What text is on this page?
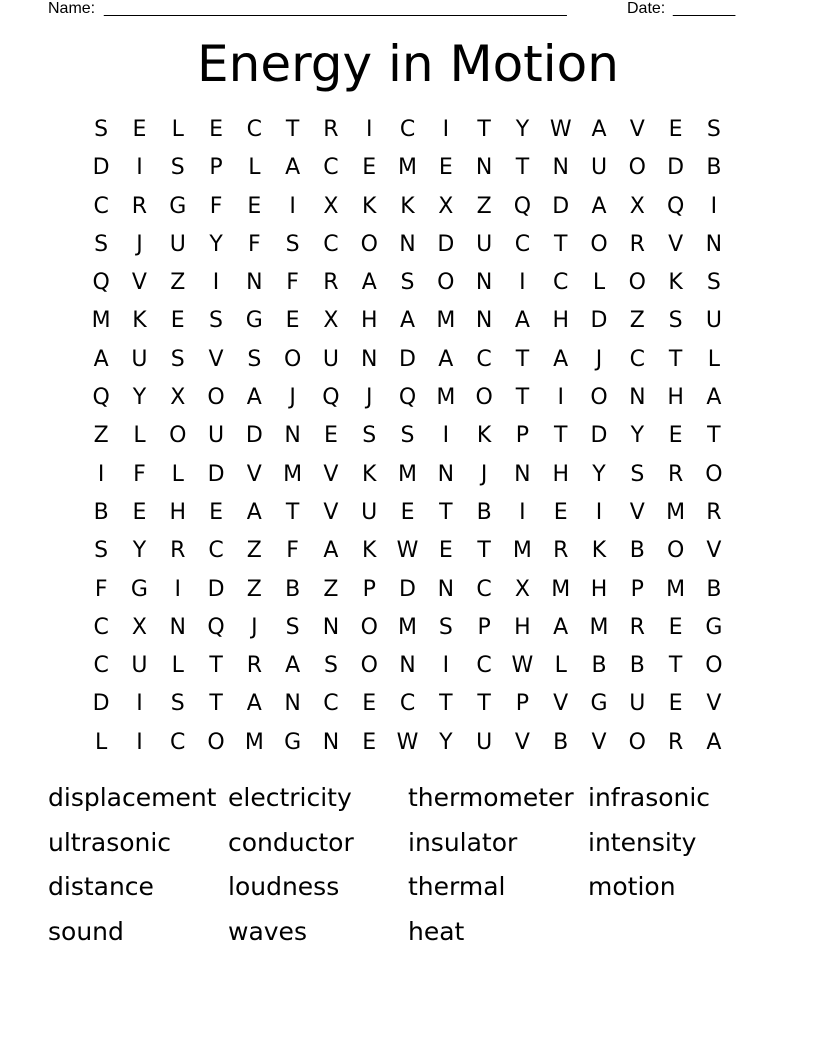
Name: ____________________________________________________	Date: _______
Energy in Motion
S	E	L	E	C	T	R	I	C	I	T	Y W A	V	E	S
D	I	S	P	L	A	C	E M E	N	T	N	U O D	B
C	R	G	F	E	I	X	K	K	X	Z	Q D	A	X	Q	I
S	J	U	Y	F	S	C O N D U	C	T	O R	V	N
Q	V	Z	I	N	F	R	A	S	O N	I	C	L	O	K	S
M K	E	S	G	E	X	H	A M N	A	H D	Z	S	U
A	U	S	V	S	O U	N D	A	C	T	A	J	C	T	L
Q	Y	X	O	A	J	Q	J	Q M O	T	I	O N H	A
Z	L	O U D N	E	S	S	I	K	P	T	D	Y	E	T
I	F	L	D	V M V	K M N	J	N H	Y	S	R O
B	E	H	E	A	T	V	U	E	T	B	I	E	I	V M R
S	Y	R	C	Z	F	A	K W E	T	M R	K	B	O	V
F	G	I	D	Z	B	Z	P	D N	C	X M H	P	M B
C	X	N Q	J	S	N O M S	P	H	A M R	E	G
C	U	L	T	R	A	S	O N	I	C W L	B	B	T	O
D	I	S	T	A	N	C	E	C	T	T	P	V	G U	E	V
L	I	C O M G N	E W Y	U	V	B	V	O R	A
displacement electricity	thermometer infrasonic
ultrasonic	conductor	insulator	intensity
distance	loudness	thermal	motion
sound	waves	heat
